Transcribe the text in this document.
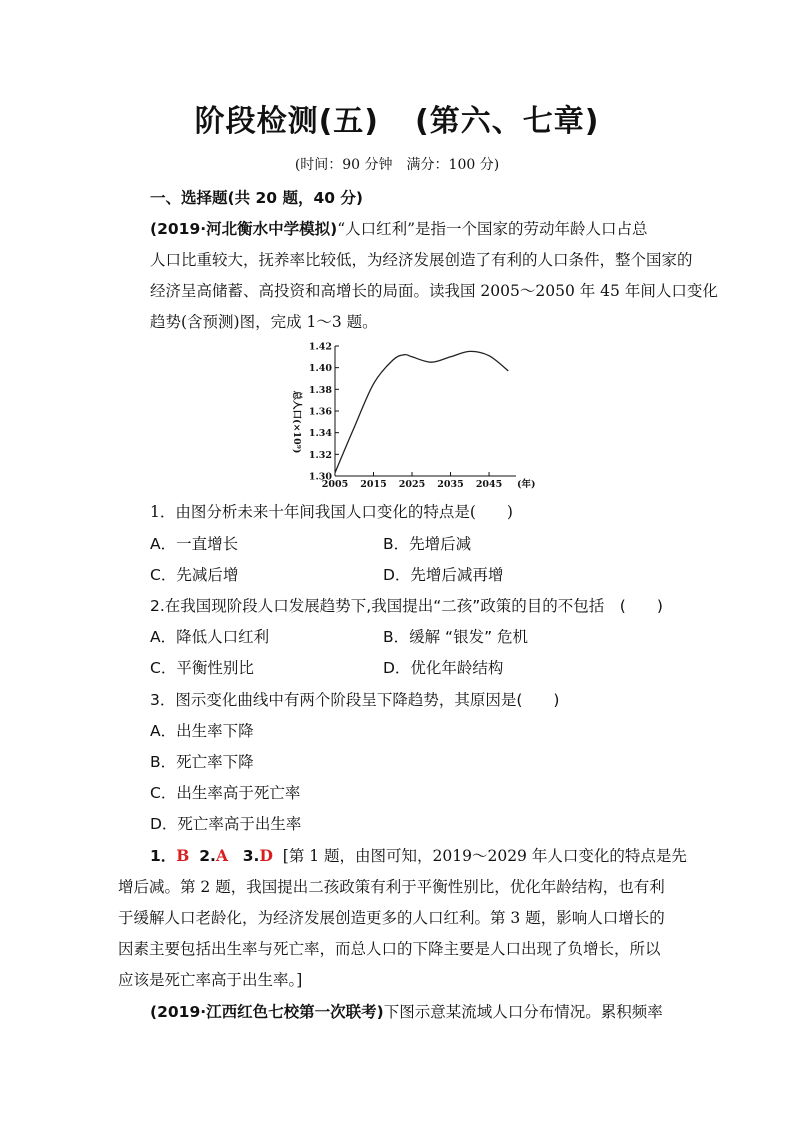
阶段检测(五) (第六、七章)
(时间：90 分钟　满分：100 分)
一、选择题(共 20 题，40 分)
(2019·河北衡水中学模拟)“人口红利”是指一个国家的劳动年龄人口占总
人口比重较大，抚养率比较低，为经济发展创造了有利的人口条件，整个国家的
经济呈高储蓄、高投资和高增长的局面。读我国 2005～2050 年 45 年间人口变化
趋势(含预测)图，完成 1～3 题。
1.30
1.32
1.34
1.36
1.38
1.40
1.42
2005 2015 2025 2035 2045
总人口(×10⁹)
(年)
1．由图分析未来十年间我国人口变化的特点是(　　)
A．一直增长	B．先增后减
C．先减后增	D．先增后减再增
2.在我国现阶段人口发展趋势下,我国提出“二孩”政策的目的不包括　(　　)
A．降低人口红利	B．缓解 “银发” 危机
C．平衡性别比	D．优化年龄结构
3．图示变化曲线中有两个阶段呈下降趋势，其原因是(　　)
A．出生率下降
B．死亡率下降
C．出生率高于死亡率
D．死亡率高于出生率
1．B 2.A 3.D [第 1 题，由图可知，2019～2029 年人口变化的特点是先
增后减。第 2 题，我国提出二孩政策有利于平衡性别比，优化年龄结构，也有利
于缓解人口老龄化，为经济发展创造更多的人口红利。第 3 题，影响人口增长的
因素主要包括出生率与死亡率，而总人口的下降主要是人口出现了负增长，所以
应该是死亡率高于出生率。]
(2019·江西红色七校第一次联考)下图示意某流域人口分布情况。累积频率
